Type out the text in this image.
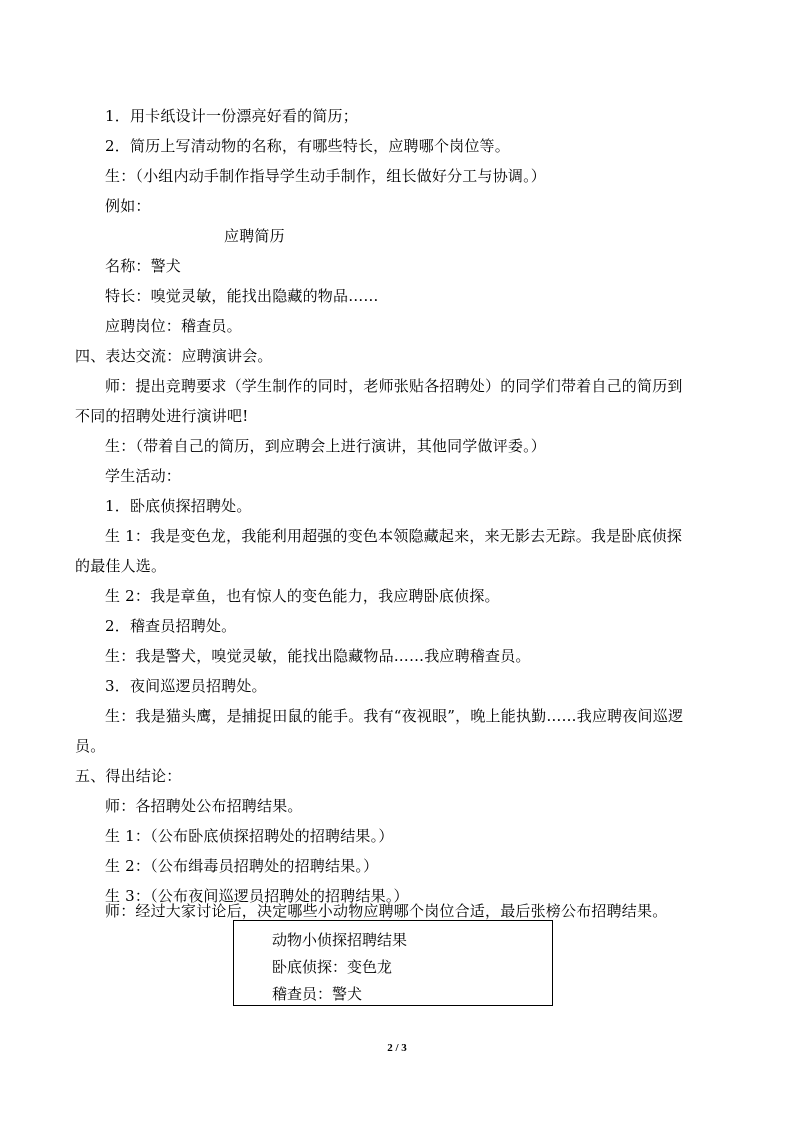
1．用卡纸设计一份漂亮好看的简历；
2．简历上写清动物的名称，有哪些特长，应聘哪个岗位等。
生：（小组内动手制作指导学生动手制作，组长做好分工与协调。）
例如：
应聘简历
名称：警犬
特长：嗅觉灵敏，能找出隐藏的物品……
应聘岗位：稽查员。
四、表达交流：应聘演讲会。
师：提出竞聘要求（学生制作的同时，老师张贴各招聘处）的同学们带着自己的简历到
不同的招聘处进行演讲吧!
生：（带着自己的简历，到应聘会上进行演讲，其他同学做评委。）
学生活动：
1．卧底侦探招聘处。
生 1：我是变色龙，我能利用超强的变色本领隐藏起来，来无影去无踪。我是卧底侦探
的最佳人选。
生 2：我是章鱼，也有惊人的变色能力，我应聘卧底侦探。
2．稽查员招聘处。
生：我是警犬，嗅觉灵敏，能找出隐藏物品……我应聘稽查员。
3．夜间巡逻员招聘处。
生：我是猫头鹰，是捕捉田鼠的能手。我有“夜视眼”，晚上能执勤……我应聘夜间巡逻
员。
五、得出结论：
师：各招聘处公布招聘结果。
生 1：（公布卧底侦探招聘处的招聘结果。）
生 2：（公布缉毒员招聘处的招聘结果。）
生 3：（公布夜间巡逻员招聘处的招聘结果。）
师：经过大家讨论后，决定哪些小动物应聘哪个岗位合适，最后张榜公布招聘结果。
动物小侦探招聘结果
卧底侦探：变色龙
稽查员：警犬
2 / 3
